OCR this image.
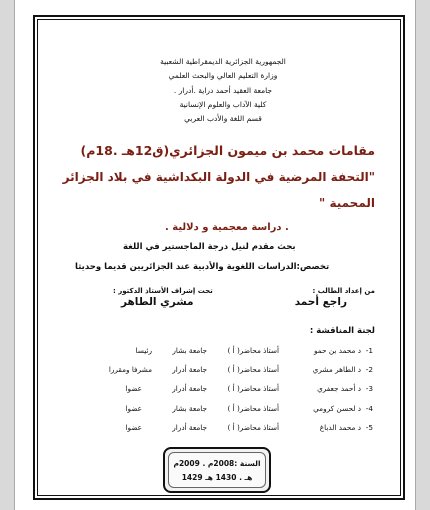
الجمهورية الجزائرية الديمقراطية الشعبية
وزارة التعليم العالي والبحث العلمي
جامعة العقيد أحمد دراية .أدرار .
كلية الآداب والعلوم الإنسانية
قسم اللغة والأدب العربي
مقامات محمد بن ميمون الجزائري(ق12هـ .18م)
"التحفة المرضية في الدولة البكداشية في بلاد الجزائر
المحمية "
. دراسة معجمية و دلالية .
بحث مقدم لنيل درجة الماجستير في اللغة
تخصص:الدراسات اللغوية والأدبية عند الجزائريين قديما وحديثا
من إعداد الطالب :
راجع أحمد
تحت إشراف الأستاذ الدكتور :
مشري الطاهر
لجنة المناقشة :
1-
د محمد بن حمو
أستاذ محاضر( أ )
جامعة بشار
رئيسا
2-
د الطاهر مشري
أستاذ محاضر( أ )
جامعة أدرار
مشرفا ومقررا
3-
د أحمد جعفري
أستاذ محاضر( أ )
جامعة أدرار
عضوا
4-
د لحسن كرومي
أستاذ محاضر( أ )
جامعة بشار
عضوا
5-
د محمد الدباغ
أستاذ محاضر( أ )
جامعة أدرار
عضوا
السنة :2008م . 2009م
1429 هـ . 1430 هـ
